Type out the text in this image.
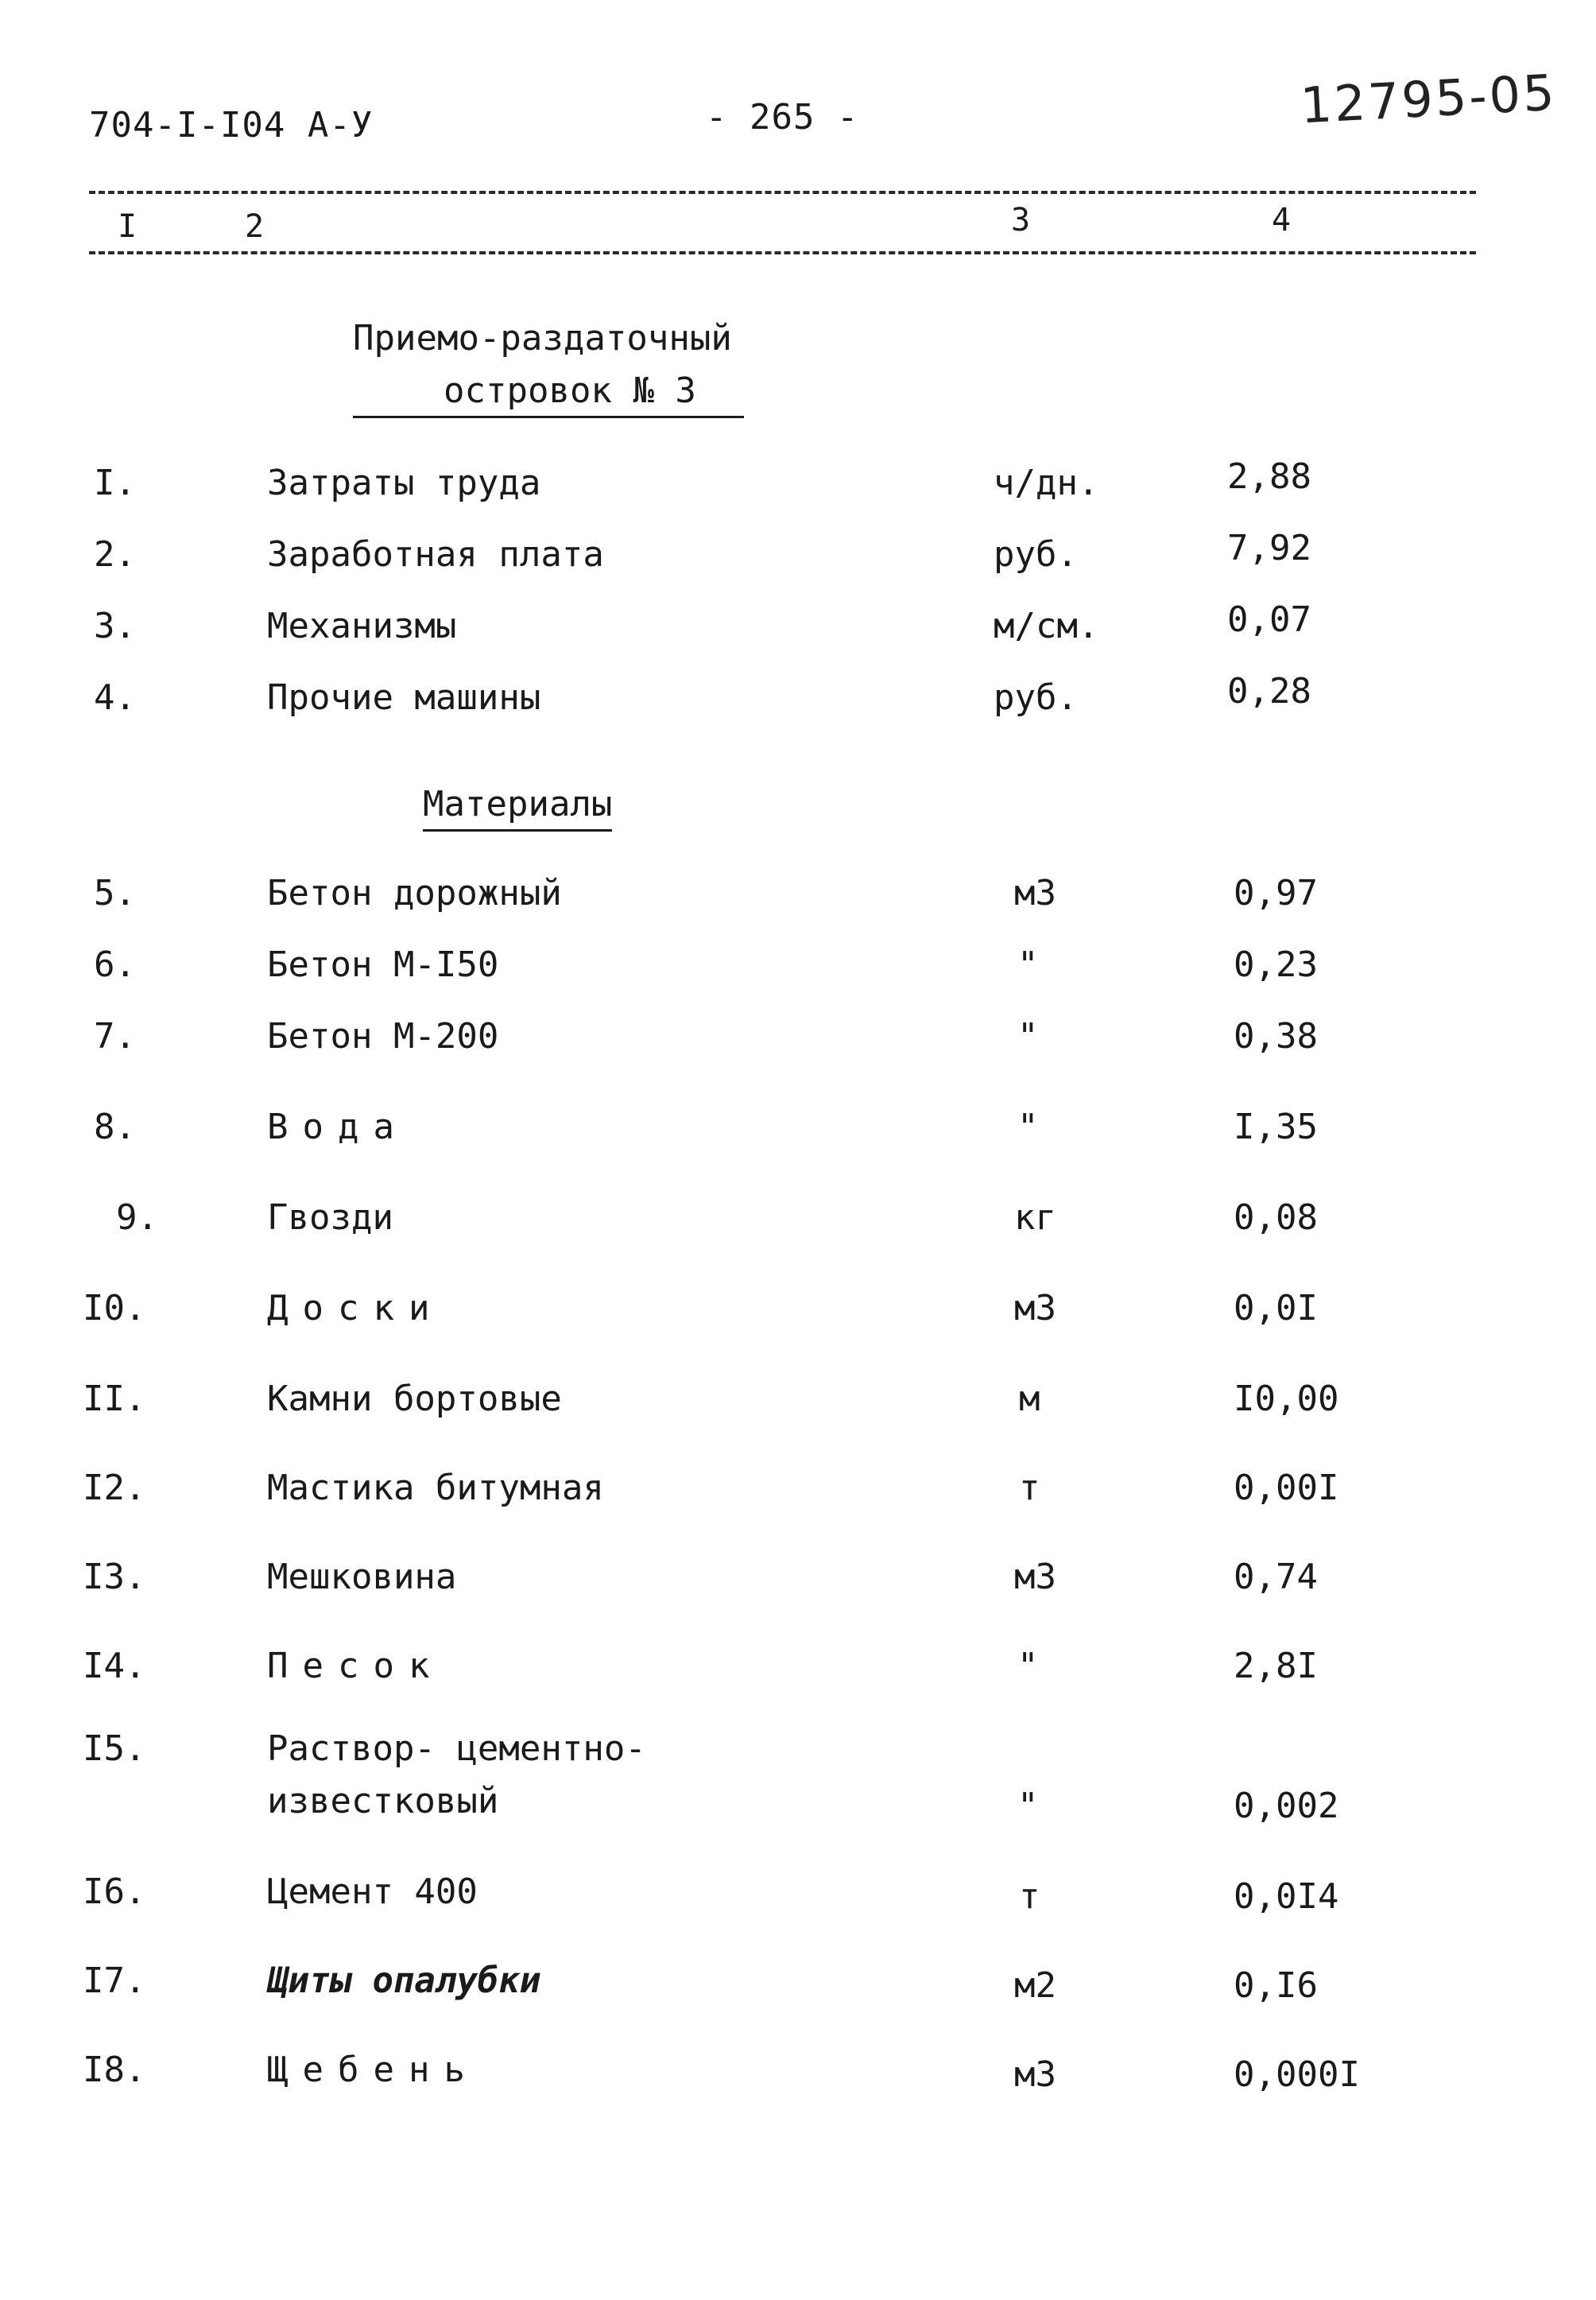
704-I-I04 А-У	- 265 -	12795-05
I	2	3	4
Приемо-раздаточный
островок № 3
I.	Затраты труда	ч/дн.	2,88
2.	Заработная плата	руб.	7,92
3.	Механизмы	м/см.	0,07
4.	Прочие машины	руб.	0,28
Материалы
5.	Бетон дорожный	м3	0,97
6.	Бетон М-I50	"	0,23
7.	Бетон М-200	"	0,38
8.	Вода	"	I,35
9.	Гвозди	кг	0,08
I0.	Доски	м3	0,0I
II.	Камни бортовые	м	I0,00
I2.	Мастика битумная	т	0,00I
I3.	Мешковина	м3	0,74
I4.	Песок	"	2,8I
I5.	Раствор- цементно-
известковый	"	0,002
I6.	Цемент 400	т	0,0I4
I7.	Щиты опалубки	м2	0,I6
I8.	Щебень	м3	0,000I
